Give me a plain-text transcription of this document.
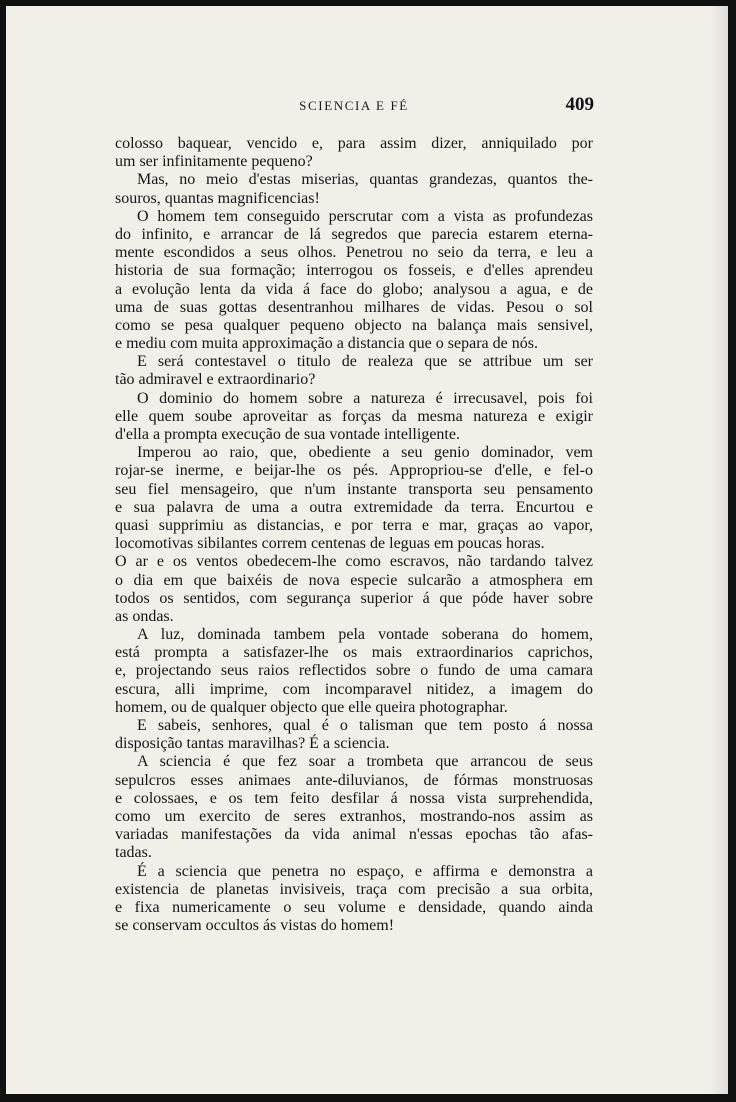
SCIENCIA E FÉ	409
colosso baquear, vencido e, para assim dizer, anniquilado por
um ser infinitamente pequeno?
Mas, no meio d'estas miserias, quantas grandezas, quantos the-
souros, quantas magnificencias!
O homem tem conseguido perscrutar com a vista as profundezas
do infinito, e arrancar de lá segredos que parecia estarem eterna-
mente escondidos a seus olhos. Penetrou no seio da terra, e leu a
historia de sua formação; interrogou os fosseis, e d'elles aprendeu
a evolução lenta da vida á face do globo; analysou a agua, e de
uma de suas gottas desentranhou milhares de vidas. Pesou o sol
como se pesa qualquer pequeno objecto na balança mais sensivel,
e mediu com muita approximação a distancia que o separa de nós.
E será contestavel o titulo de realeza que se attribue um ser
tão admiravel e extraordinario?
O dominio do homem sobre a natureza é irrecusavel, pois foi
elle quem soube aproveitar as forças da mesma natureza e exigir
d'ella a prompta execução de sua vontade intelligente.
Imperou ao raio, que, obediente a seu genio dominador, vem
rojar-se inerme, e beijar-lhe os pés. Appropriou-se d'elle, e fel-o
seu fiel mensageiro, que n'um instante transporta seu pensamento
e sua palavra de uma a outra extremidade da terra. Encurtou e
quasi supprimiu as distancias, e por terra e mar, graças ao vapor,
locomotivas sibilantes correm centenas de leguas em poucas horas.
O ar e os ventos obedecem-lhe como escravos, não tardando talvez
o dia em que baixéis de nova especie sulcarão a atmosphera em
todos os sentidos, com segurança superior á que póde haver sobre
as ondas.
A luz, dominada tambem pela vontade soberana do homem,
está prompta a satisfazer-lhe os mais extraordinarios caprichos,
e, projectando seus raios reflectidos sobre o fundo de uma camara
escura, alli imprime, com incomparavel nitidez, a imagem do
homem, ou de qualquer objecto que elle queira photographar.
E sabeis, senhores, qual é o talisman que tem posto á nossa
disposição tantas maravilhas? É a sciencia.
A sciencia é que fez soar a trombeta que arrancou de seus
sepulcros esses animaes ante-diluvianos, de fórmas monstruosas
e colossaes, e os tem feito desfilar á nossa vista surprehendida,
como um exercito de seres extranhos, mostrando-nos assim as
variadas manifestações da vida animal n'essas epochas tão afas-
tadas.
É a sciencia que penetra no espaço, e affirma e demonstra a
existencia de planetas invisiveis, traça com precisão a sua orbita,
e fixa numericamente o seu volume e densidade, quando ainda
se conservam occultos ás vistas do homem!
